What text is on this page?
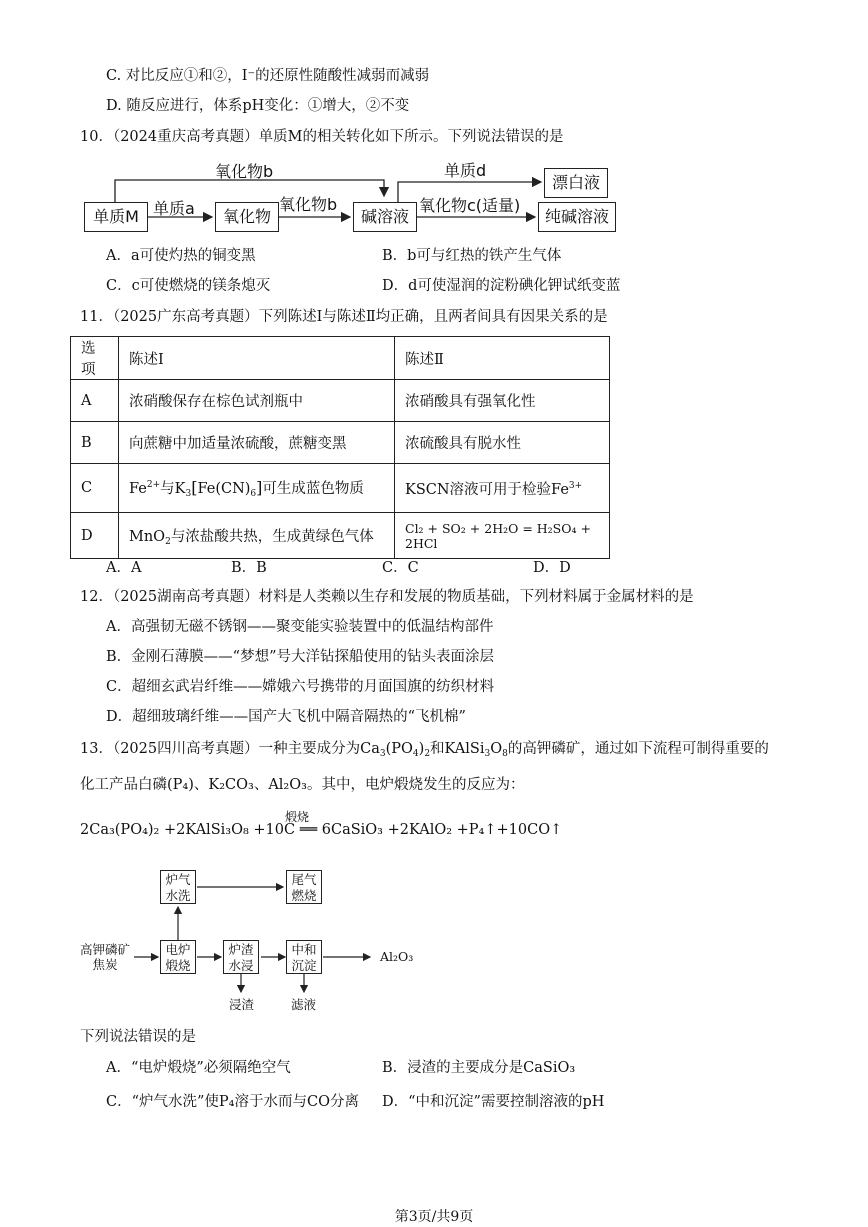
C. 对比反应①和②，I⁻的还原性随酸性减弱而减弱
D. 随反应进行，体系pH变化：①增大，②不变
10．（2024重庆高考真题）单质M的相关转化如下所示。下列说法错误的是
单质M	氧化物	碱溶液
漂白液
纯碱溶液
氧化物b
单质a	氧化物b
单质d
氧化物c(适量)
A．a可使灼热的铜变黑	B．b可与红热的铁产生气体
C．c可使燃烧的镁条熄灭	D．d可使湿润的淀粉碘化钾试纸变蓝
11．（2025广东高考真题）下列陈述Ⅰ与陈述Ⅱ均正确，且两者间具有因果关系的是
选项	陈述Ⅰ	陈述Ⅱ
A	浓硝酸保存在棕色试剂瓶中	浓硝酸具有强氧化性
B	向蔗糖中加适量浓硫酸，蔗糖变黑	浓硫酸具有脱水性
C	$Fe^{2+}$与$K_3[Fe(CN)_6]$可生成蓝色物质	KSCN溶液可用于检验$Fe^{3+}$
D	MnO$_2$与浓盐酸共热，生成黄绿色气体	Cl₂ + SO₂ + 2H₂O = H₂SO₄ + 2HCl
A．A	B．B	C．C	D．D
12．（2025湖南高考真题）材料是人类赖以生存和发展的物质基础，下列材料属于金属材料的是
A．高强韧无磁不锈钢——聚变能实验装置中的低温结构部件
B．金刚石薄膜——“梦想”号大洋钻探船使用的钻头表面涂层
C．超细玄武岩纤维——嫦娥六号携带的月面国旗的纺织材料
D．超细玻璃纤维——国产大飞机中隔音隔热的“飞机棉”
13．（2025四川高考真题）一种主要成分为$Ca_3(PO_4)_2$和$KAlSi_3O_8$的高钾磷矿，通过如下流程可制得重要的
化工产品白磷(P₄)、K₂CO₃、Al₂O₃。其中，电炉煅烧发生的反应为：
2Ca₃(PO₄)₂ +2KAlSi₃O₈ +10C ══ 6CaSiO₃ +2KAlO₂ +P₄↑+10CO↑
煅烧
高钾磷矿
焦炭
电炉
煅烧
炉气
水洗
尾气
燃烧
炉渣
水浸
中和
沉淀
Al₂O₃
浸渣	滤液
下列说法错误的是
A．“电炉煅烧”必须隔绝空气	B．浸渣的主要成分是CaSiO₃
C．“炉气水洗”使P₄溶于水而与CO分离 D．“中和沉淀”需要控制溶液的pH
第3页/共9页
